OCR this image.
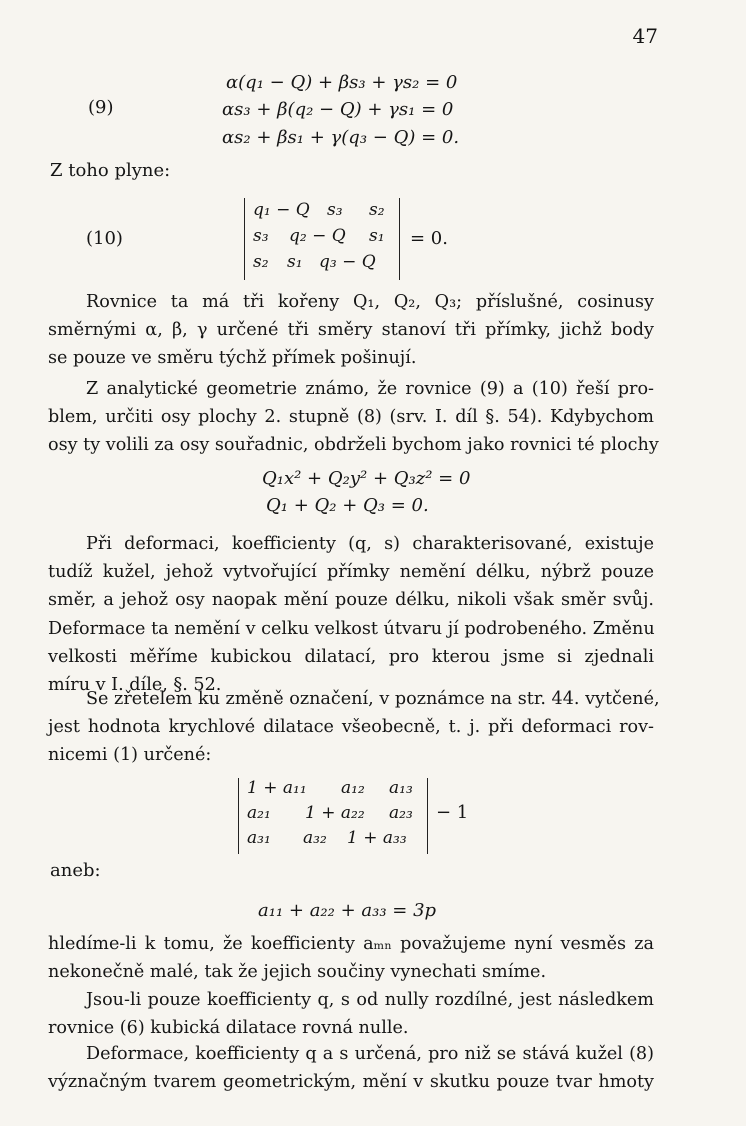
47
(9)
α(q₁ − Q) + βs₃ + γs₂ = 0
αs₃ + β(q₂ − Q) + γs₁ = 0
αs₂ + βs₁ + γ(q₃ − Q) = 0.
Z toho plyne:
(10)
q₁ − Q s₃ s₂
s₃ q₂ − Q s₁
s₂ s₁ q₃ − Q
= 0.
Rovnice ta má tři kořeny Q₁, Q₂, Q₃; příslušné, cosinusy
směrnými α, β, γ určené tři směry stanoví tři přímky, jichž body
se pouze ve směru týchž přímek pošinují.
Z analytické geometrie známo, že rovnice (9) a (10) řeší pro-
blem, určiti osy plochy 2. stupně (8) (srv. I. díl §. 54). Kdybychom
osy ty volili za osy souřadnic, obdrželi bychom jako rovnici té plochy
Q₁x² + Q₂y² + Q₃z² = 0
Q₁ + Q₂ + Q₃ = 0.
Při deformaci, koefficienty (q, s) charakterisované, existuje
tudíž kužel, jehož vytvořující přímky nemění délku, nýbrž pouze
směr, a jehož osy naopak mění pouze délku, nikoli však směr svůj.
Deformace ta nemění v celku velkost útvaru jí podrobeného. Změnu
velkosti měříme kubickou dilatací, pro kterou jsme si zjednali
míru v I. díle, §. 52.
Se zřetelem ku změně označení, v poznámce na str. 44. vytčené,
jest hodnota krychlové dilatace všeobecně, t. j. při deformaci rov-
nicemi (1) určené:
1 + a₁₁ a₁₂ a₁₃
a₂₁ 1 + a₂₂ a₂₃
a₃₁ a₃₂ 1 + a₃₃
− 1
aneb:
a₁₁ + a₂₂ + a₃₃ = 3p
hledíme-li k tomu, že koefficienty aₘₙ považujeme nyní vesměs za
nekonečně malé, tak že jejich součiny vynechati smíme.
Jsou-li pouze koefficienty q, s od nully rozdílné, jest následkem
rovnice (6) kubická dilatace rovná nulle.
Deformace, koefficienty q a s určená, pro niž se stává kužel (8)
význačným tvarem geometrickým, mění v skutku pouze tvar hmoty
